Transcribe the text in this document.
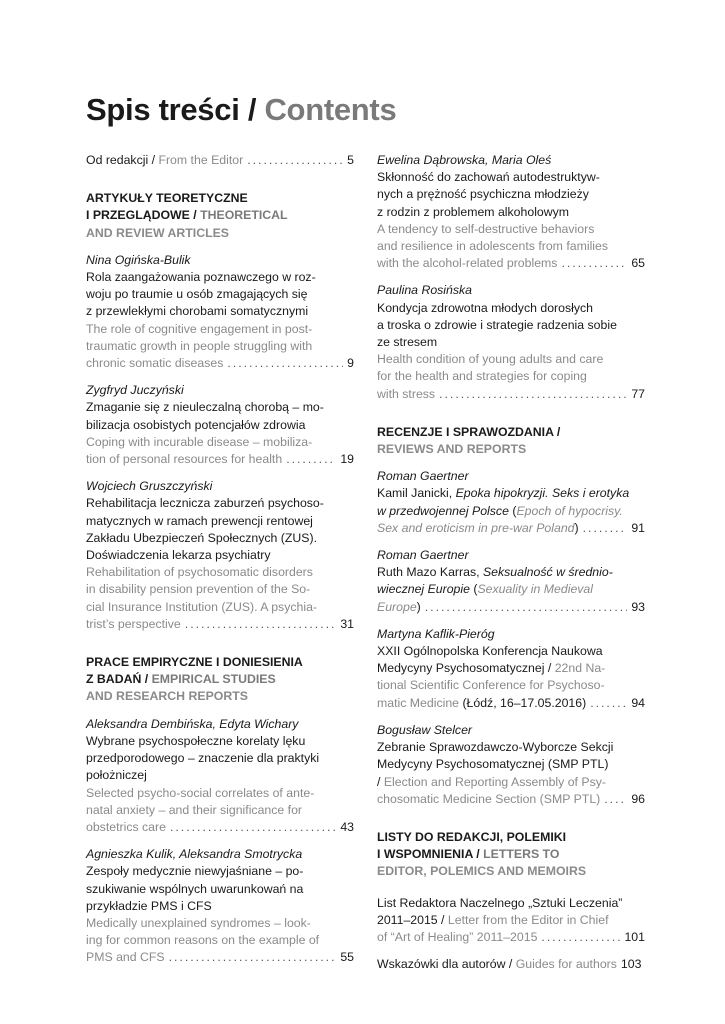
Spis treści / Contents
Od redakcji / From the Editor .....	5
ARTYKUŁY TEORETYCZNE
I PRZEGLĄDOWE / THEORETICAL
AND REVIEW ARTICLES
Nina Ogińska-Bulik
Rola zaangażowania poznawczego w roz-
woju po traumie u osób zmagających się
z przewlekłymi chorobami somatycznymi
The role of cognitive engagement in post-
traumatic growth in people struggling with
chronic somatic diseases .....	9
Zygfryd Juczyński
Zmaganie się z nieuleczalną chorobą – mo-
bilizacja osobistych potencjałów zdrowia
Coping with incurable disease – mobiliza-
tion of personal resources for health .....	19
Wojciech Gruszczyński
Rehabilitacja lecznicza zaburzeń psychoso-
matycznych w ramach prewencji rentowej
Zakładu Ubezpieczeń Społecznych (ZUS).
Doświadczenia lekarza psychiatry
Rehabilitation of psychosomatic disorders
in disability pension prevention of the So-
cial Insurance Institution (ZUS). A psychia-
trist’s perspective .....	31
PRACE EMPIRYCZNE I DONIESIENIA
Z BADAŃ / EMPIRICAL STUDIES
AND RESEARCH REPORTS
Aleksandra Dembińska, Edyta Wichary
Wybrane psychospołeczne korelaty lęku
przedporodowego – znaczenie dla praktyki
położniczej
Selected psycho-social correlates of ante-
natal anxiety – and their significance for
obstetrics care .....	43
Agnieszka Kulik, Aleksandra Smotrycka
Zespoły medycznie niewyjaśniane – po-
szukiwanie wspólnych uwarunkowań na
przykładzie PMS i CFS
Medically unexplained syndromes – look-
ing for common reasons on the example of
PMS and CFS .....	55
Ewelina Dąbrowska, Maria Oleś
Skłonność do zachowań autodestruktyw-
nych a prężność psychiczna młodzieży
z rodzin z problemem alkoholowym
A tendency to self-destructive behaviors
and resilience in adolescents from families
with the alcohol-related problems .....	65
Paulina Rosińska
Kondycja zdrowotna młodych dorosłych
a troska o zdrowie i strategie radzenia sobie
ze stresem
Health condition of young adults and care
for the health and strategies for coping
with stress .....	77
RECENZJE I SPRAWOZDANIA /
REVIEWS AND REPORTS
Roman Gaertner
Kamil Janicki, Epoka hipokryzji. Seks i erotyka
w przedwojennej Polsce (Epoch of hypocrisy.
Sex and eroticism in pre-war Poland) .....	91
Roman Gaertner
Ruth Mazo Karras, Seksualność w średnio-
wiecznej Europie (Sexuality in Medieval
Europe) .....	93
Martyna Kaflik-Pieróg
XXII Ogólnopolska Konferencja Naukowa
Medycyny Psychosomatycznej / 22nd Na-
tional Scientific Conference for Psychoso-
matic Medicine (Łódź, 16–17.05.2016) .....	94
Bogusław Stelcer
Zebranie Sprawozdawczo-Wyborcze Sekcji
Medycyny Psychosomatycznej (SMP PTL)
/ Election and Reporting Assembly of Psy-
chosomatic Medicine Section (SMP PTL) .....	96
LISTY DO REDAKCJI, POLEMIKI
I WSPOMNIENIA / LETTERS TO
EDITOR, POLEMICS AND MEMOIRS
List Redaktora Naczelnego „Sztuki Leczenia”
2011–2015 / Letter from the Editor in Chief
of “Art of Healing” 2011–2015 .....	101
Wskazówki dla autorów / Guides for authors 103
